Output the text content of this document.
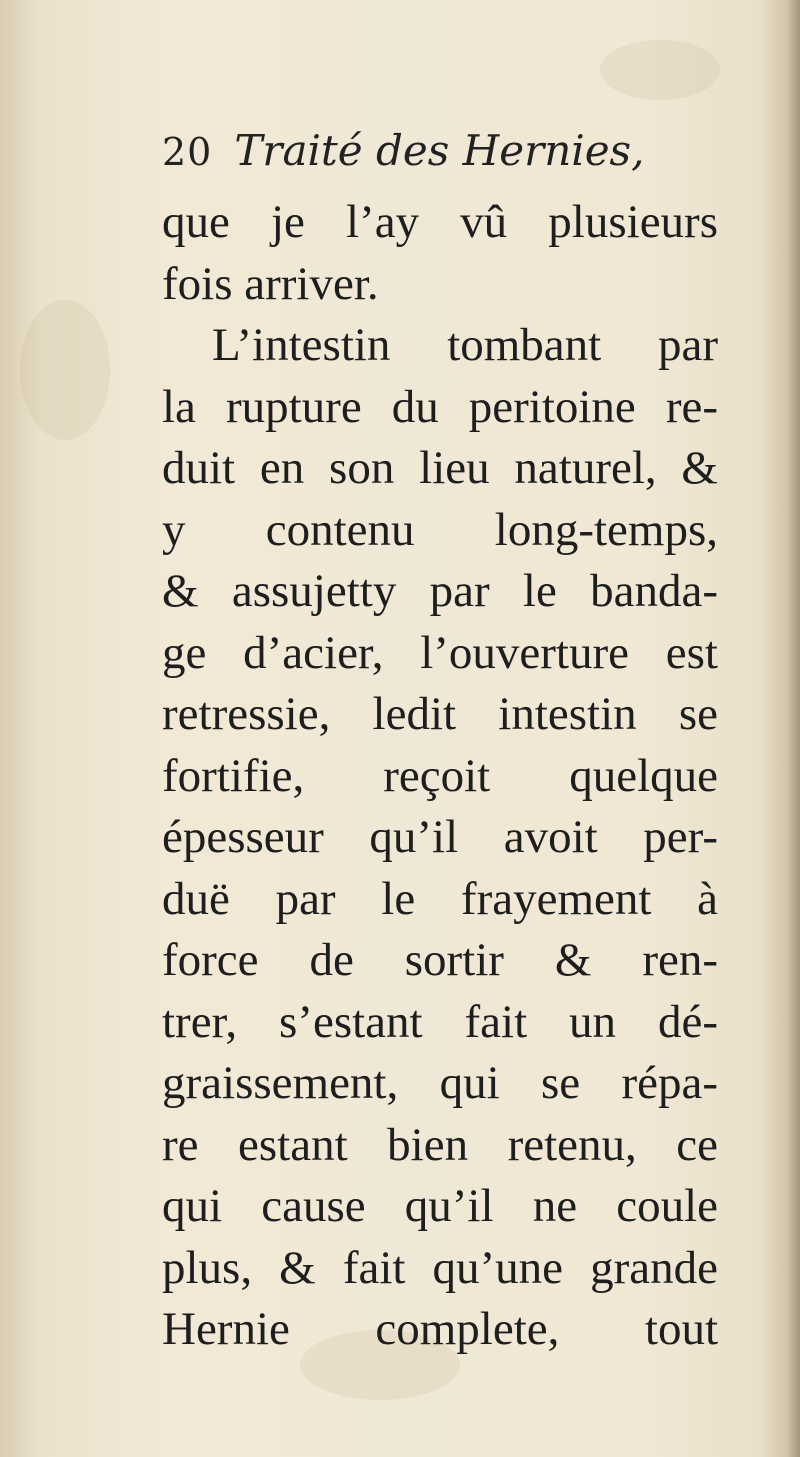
20 Traité des Hernies,
que je l’ay vû plusieurs
fois arriver.
L’intestin tombant par
la rupture du peritoine re-
duit en son lieu naturel, &
y contenu long-temps,
& assujetty par le banda-
ge d’acier, l’ouverture est
retressie, ledit intestin se
fortifie, reçoit quelque
épesseur qu’il avoit per-
duë par le frayement à
force de sortir & ren-
trer, s’estant fait un dé-
graissement, qui se répa-
re estant bien retenu, ce
qui cause qu’il ne coule
plus, & fait qu’une grande
Hernie complete, tout
